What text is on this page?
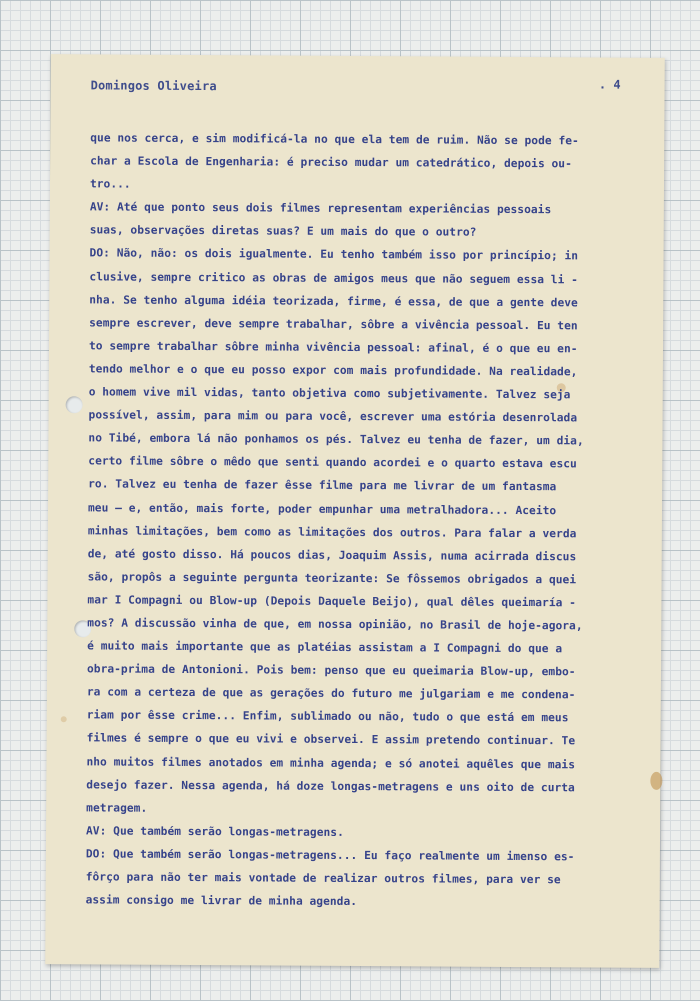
Domingos Oliveira	. 4
que nos cerca, e sim modificá-la no que ela tem de ruim. Não se pode fe-
char a Escola de Engenharia: é preciso mudar um catedrático, depois ou-
tro...
AV: Até que ponto seus dois filmes representam experiências pessoais
suas, observações diretas suas? E um mais do que o outro?
DO: Não, não: os dois igualmente. Eu tenho também isso por princípio; in
clusive, sempre critico as obras de amigos meus que não seguem essa li -
nha. Se tenho alguma idéia teorizada, firme, é essa, de que a gente deve
sempre escrever, deve sempre trabalhar, sôbre a vivência pessoal. Eu ten
to sempre trabalhar sôbre minha vivência pessoal: afinal, é o que eu en-
tendo melhor e o que eu posso expor com mais profundidade. Na realidade,
o homem vive mil vidas, tanto objetiva como subjetivamente. Talvez seja
possível, assim, para mim ou para você, escrever uma estória desenrolada
no Tibé, embora lá não ponhamos os pés. Talvez eu tenha de fazer, um dia,
certo filme sôbre o mêdo que senti quando acordei e o quarto estava escu
ro. Talvez eu tenha de fazer êsse filme para me livrar de um fantasma
meu — e, então, mais forte, poder empunhar uma metralhadora... Aceito
minhas limitações, bem como as limitações dos outros. Para falar a verda
de, até gosto disso. Há poucos dias, Joaquim Assis, numa acirrada discus
são, propôs a seguinte pergunta teorizante: Se fôssemos obrigados a quei
mar I Compagni ou Blow-up (Depois Daquele Beijo), qual dêles queimaría -
mos? A discussão vinha de que, em nossa opinião, no Brasil de hoje-agora,
é muito mais importante que as platéias assistam a I Compagni do que a
obra-prima de Antonioni. Pois bem: penso que eu queimaria Blow-up, embo-
ra com a certeza de que as gerações do futuro me julgariam e me condena-
riam por êsse crime... Enfim, sublimado ou não, tudo o que está em meus
filmes é sempre o que eu vivi e observei. E assim pretendo continuar. Te
nho muitos filmes anotados em minha agenda; e só anotei aquêles que mais
desejo fazer. Nessa agenda, há doze longas-metragens e uns oito de curta
metragem.
AV: Que também serão longas-metragens.
DO: Que também serão longas-metragens... Eu faço realmente um imenso es-
fôrço para não ter mais vontade de realizar outros filmes, para ver se
assim consigo me livrar de minha agenda.
